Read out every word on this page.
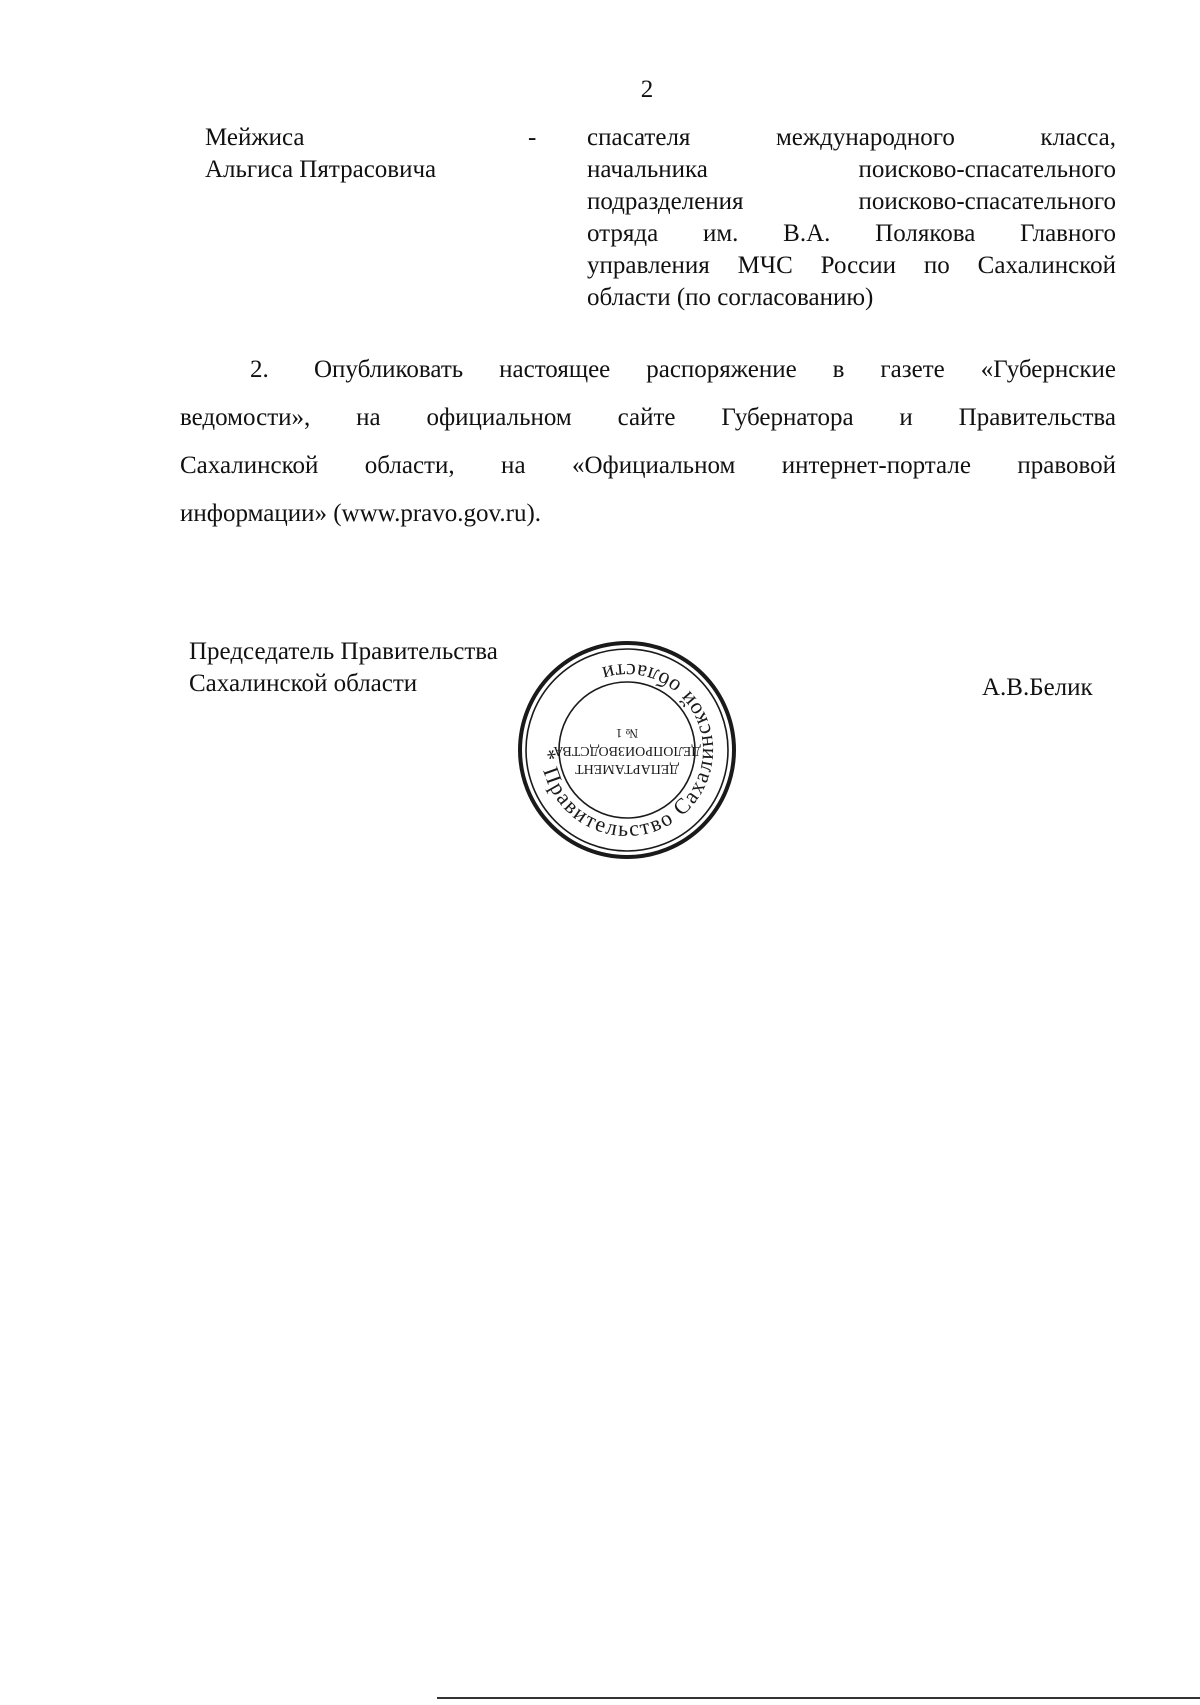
2
Мейжиса
Альгиса Пятрасовича
-	спасателя международного класса,
начальника поисково-спасательного
подразделения поисково-спасательного
отряда им. В.А. Полякова Главного
управления МЧС России по Сахалинской
области (по согласованию)
2. Опубликовать настоящее распоряжение в газете «Губернские
ведомости», на официальном сайте Губернатора и Правительства
Сахалинской области, на «Официальном интернет-портале правовой
информации» (www.pravo.gov.ru).
Председатель Правительства
Сахалинской области	А.В.Белик
* Правительство Сахалинской области
ДЕПАРТАМЕНТ
ДЕЛОПРОИЗВОДСТВА
№ 1
